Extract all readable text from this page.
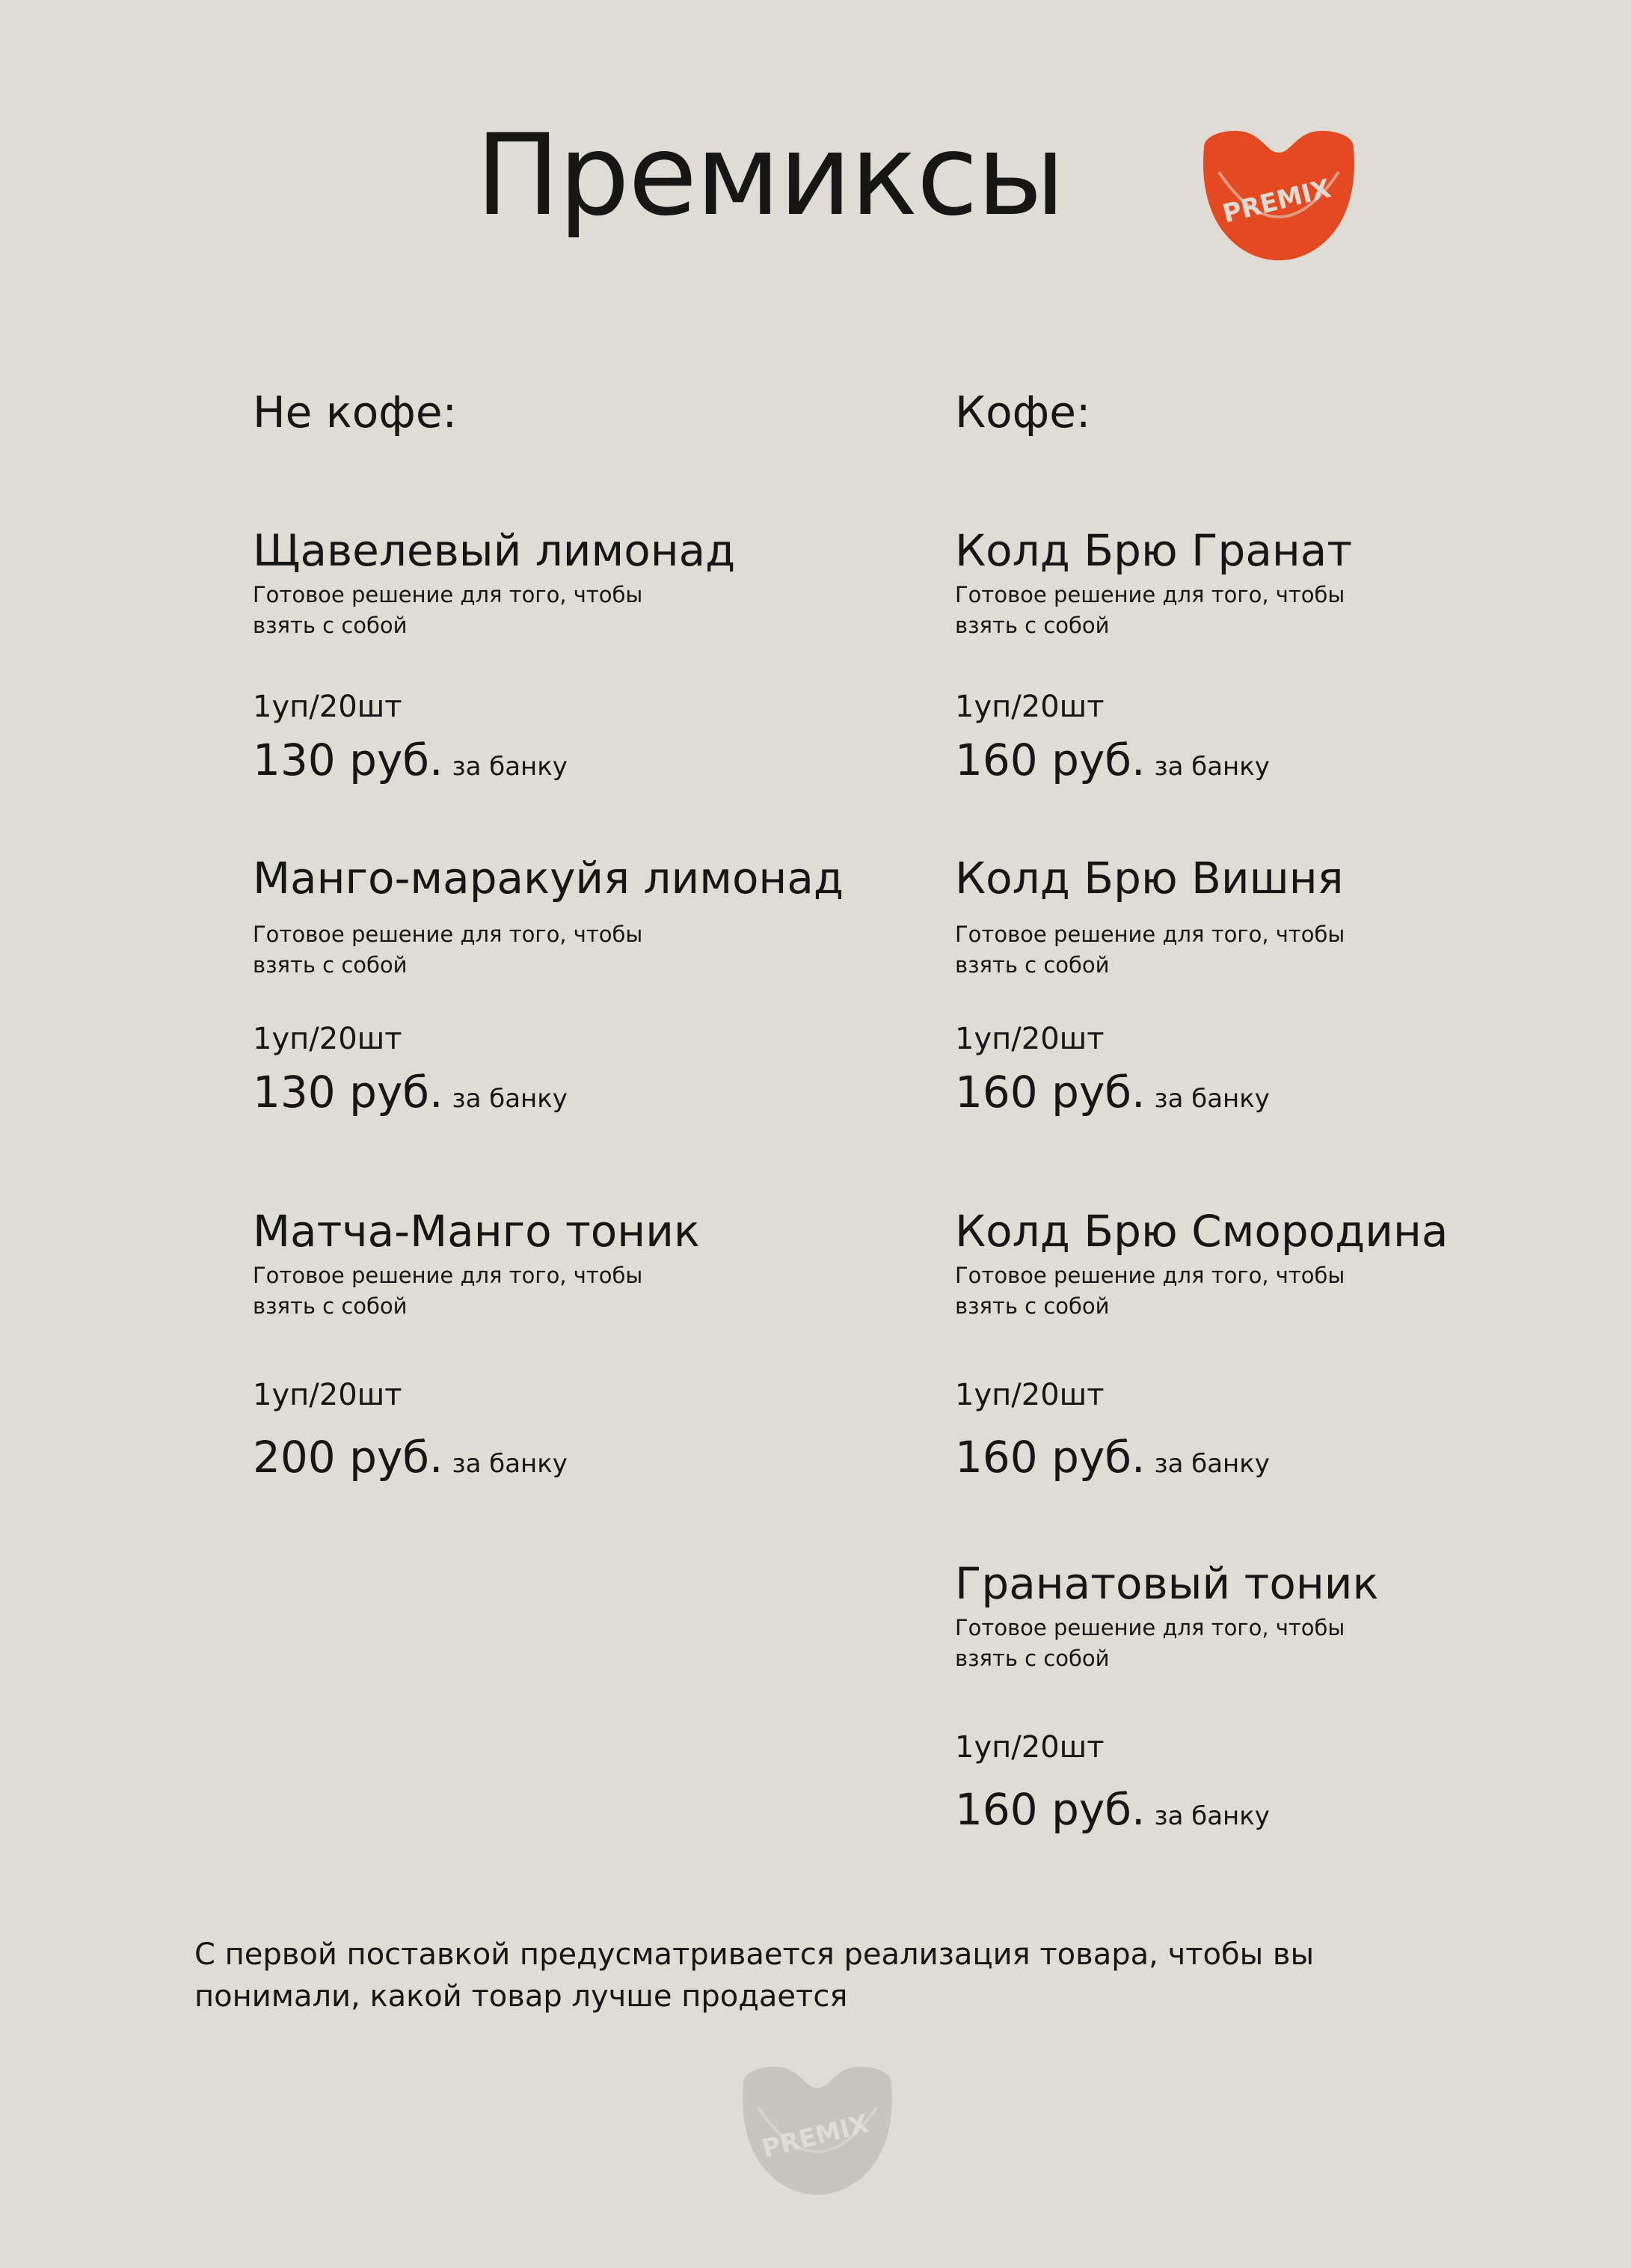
Премиксы	PREMIX
Не кофе:
Щавелевый лимонад
Готовое решение для того, чтобы взять с собой
1уп/20шт
130 руб. за банку
Манго-маракуйя лимонад
Готовое решение для того, чтобы взять с собой
1уп/20шт
130 руб. за банку
Матча-Манго тоник
Готовое решение для того, чтобы взять с собой
1уп/20шт
200 руб. за банку
Кофе:
Колд Брю Гранат
Готовое решение для того, чтобы взять с собой
1уп/20шт
160 руб. за банку
Колд Брю Вишня
Готовое решение для того, чтобы взять с собой
1уп/20шт
160 руб. за банку
Колд Брю Смородина
Готовое решение для того, чтобы взять с собой
1уп/20шт
160 руб. за банку
Гранатовый тоник
Готовое решение для того, чтобы взять с собой
1уп/20шт
160 руб. за банку
С первой поставкой предусматривается реализация товара, чтобы вы понимали, какой товар лучше продается
PREMIX
